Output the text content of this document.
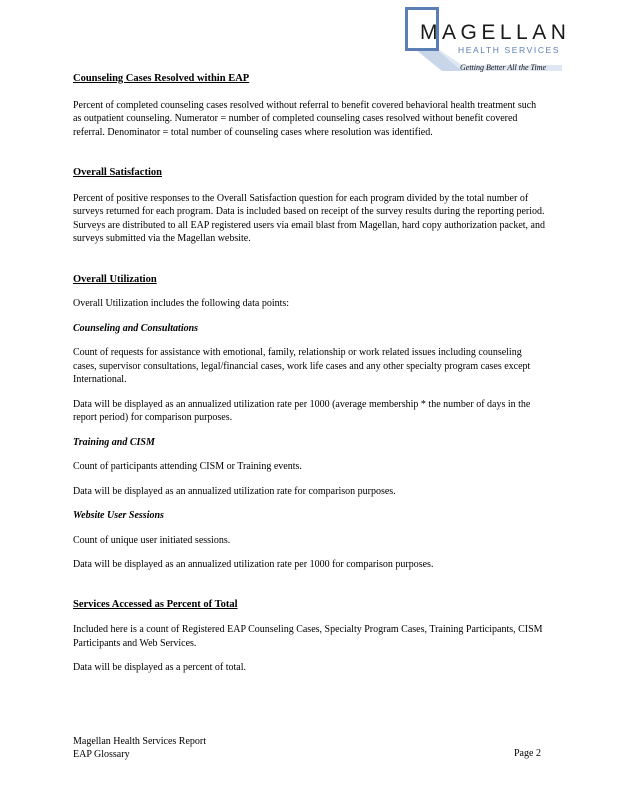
MAGELLAN
HEALTH SERVICES
Getting Better All the Time

Counseling Cases Resolved within EAP

Percent of completed counseling cases resolved without referral to benefit covered behavioral health treatment such as outpatient counseling. Numerator = number of completed counseling cases resolved without benefit covered referral. Denominator = total number of counseling cases where resolution was identified.

Overall Satisfaction

Percent of positive responses to the Overall Satisfaction question for each program divided by the total number of surveys returned for each program. Data is included based on receipt of the survey results during the reporting period. Surveys are distributed to all EAP registered users via email blast from Magellan, hard copy authorization packet, and surveys submitted via the Magellan website.

Overall Utilization

Overall Utilization includes the following data points:

Counseling and Consultations

Count of requests for assistance with emotional, family, relationship or work related issues including counseling cases, supervisor consultations, legal/financial cases, work life cases and any other specialty program cases except International.

Data will be displayed as an annualized utilization rate per 1000 (average membership * the number of days in the report period) for comparison purposes.

Training and CISM

Count of participants attending CISM or Training events.

Data will be displayed as an annualized utilization rate for comparison purposes.

Website User Sessions

Count of unique user initiated sessions.

Data will be displayed as an annualized utilization rate per 1000 for comparison purposes.

Services Accessed as Percent of Total

Included here is a count of Registered EAP Counseling Cases, Specialty Program Cases, Training Participants, CISM Participants and Web Services.

Data will be displayed as a percent of total.

Magellan Health Services Report
EAP Glossary	Page 2
